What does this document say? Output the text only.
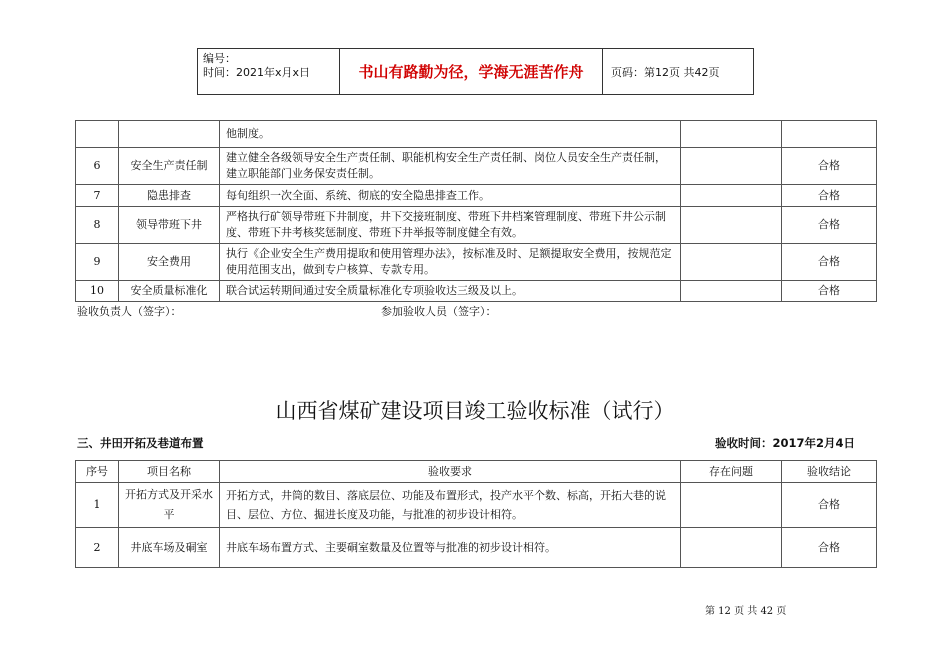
编号：
时间：2021年x月x日	书山有路勤为径，学海无涯苦作舟	页码：第12页 共42页
		他制度。		
6	安全生产责任制	建立健全各级领导安全生产责任制、职能机构安全生产责任制、岗位人员安全生产责任制，建立职能部门业务保安责任制。		合格
7	隐患排查	每旬组织一次全面、系统、彻底的安全隐患排查工作。		合格
8	领导带班下井	严格执行矿领导带班下井制度，井下交接班制度、带班下井档案管理制度、带班下井公示制度、带班下井考核奖惩制度、带班下井举报等制度健全有效。		合格
9	安全费用	执行《企业安全生产费用提取和使用管理办法》，按标准及时、足额提取安全费用，按规范定使用范围支出，做到专户核算、专款专用。		合格
10	安全质量标准化	联合试运转期间通过安全质量标准化专项验收达三级及以上。		合格
验收负责人（签字）：	参加验收人员（签字）：
山西省煤矿建设项目竣工验收标准（试行）
三、井田开拓及巷道布置	验收时间：2017年2月4日
序号	项目名称	验收要求	存在问题	验收结论
1	开拓方式及开采水平	开拓方式，井筒的数目、落底层位、功能及布置形式，投产水平个数、标高，开拓大巷的说目、层位、方位、掘进长度及功能，与批准的初步设计相符。		合格
2	井底车场及硐室	井底车场布置方式、主要硐室数量及位置等与批准的初步设计相符。		合格
第 12 页 共 42 页
